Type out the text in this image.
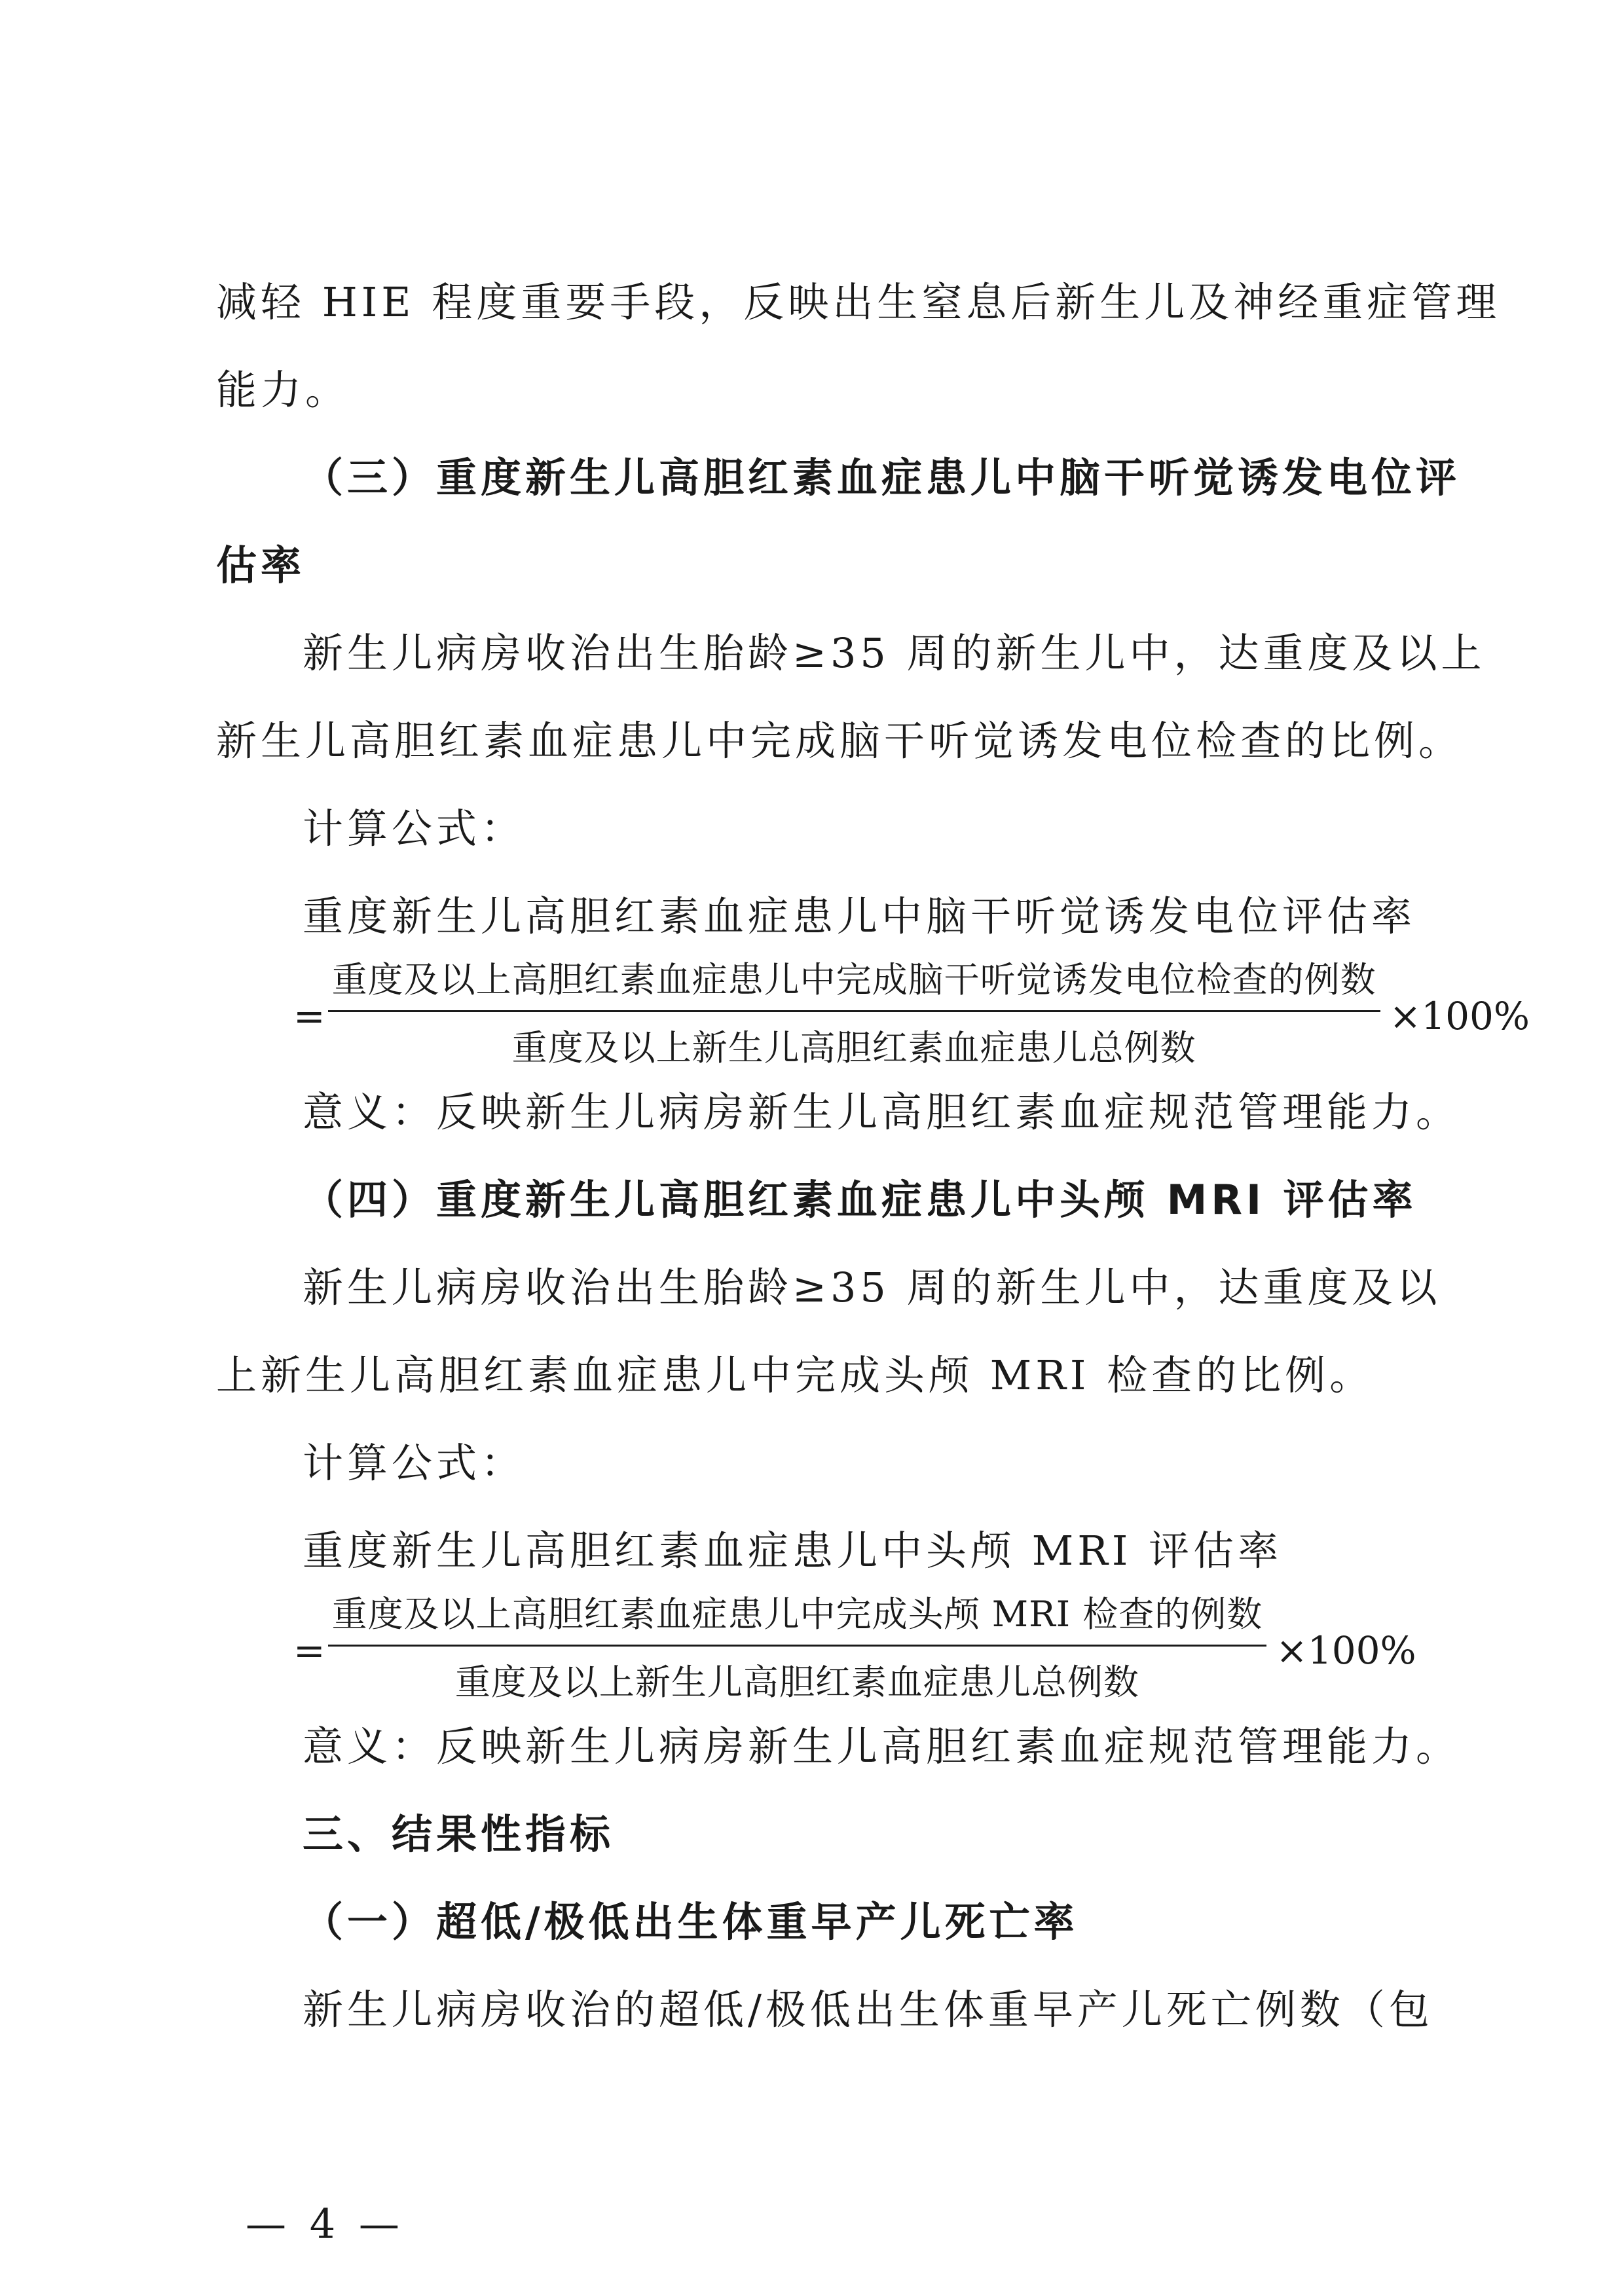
减轻 HIE 程度重要手段，反映出生窒息后新生儿及神经重症管理
能力。
（三）重度新生儿高胆红素血症患儿中脑干听觉诱发电位评
估率
新生儿病房收治出生胎龄≥35 周的新生儿中，达重度及以上
新生儿高胆红素血症患儿中完成脑干听觉诱发电位检查的比例。
计算公式：
重度新生儿高胆红素血症患儿中脑干听觉诱发电位评估率
= $\frac{\text{重度及以上高胆红素血症患儿中完成脑干听觉诱发电位检查的例数}}{\text{重度及以上新生儿高胆红素血症患儿总例数}} \times 100\%$
意义：反映新生儿病房新生儿高胆红素血症规范管理能力。
（四）重度新生儿高胆红素血症患儿中头颅 MRI 评估率
新生儿病房收治出生胎龄≥35 周的新生儿中，达重度及以
上新生儿高胆红素血症患儿中完成头颅 MRI 检查的比例。
计算公式：
重度新生儿高胆红素血症患儿中头颅 MRI 评估率
= $\frac{\text{重度及以上高胆红素血症患儿中完成头颅 MRI 检查的例数}}{\text{重度及以上新生儿高胆红素血症患儿总例数}} \times 100\%$
意义：反映新生儿病房新生儿高胆红素血症规范管理能力。
三、结果性指标
（一）超低/极低出生体重早产儿死亡率
新生儿病房收治的超低/极低出生体重早产儿死亡例数（包
— 4 —
